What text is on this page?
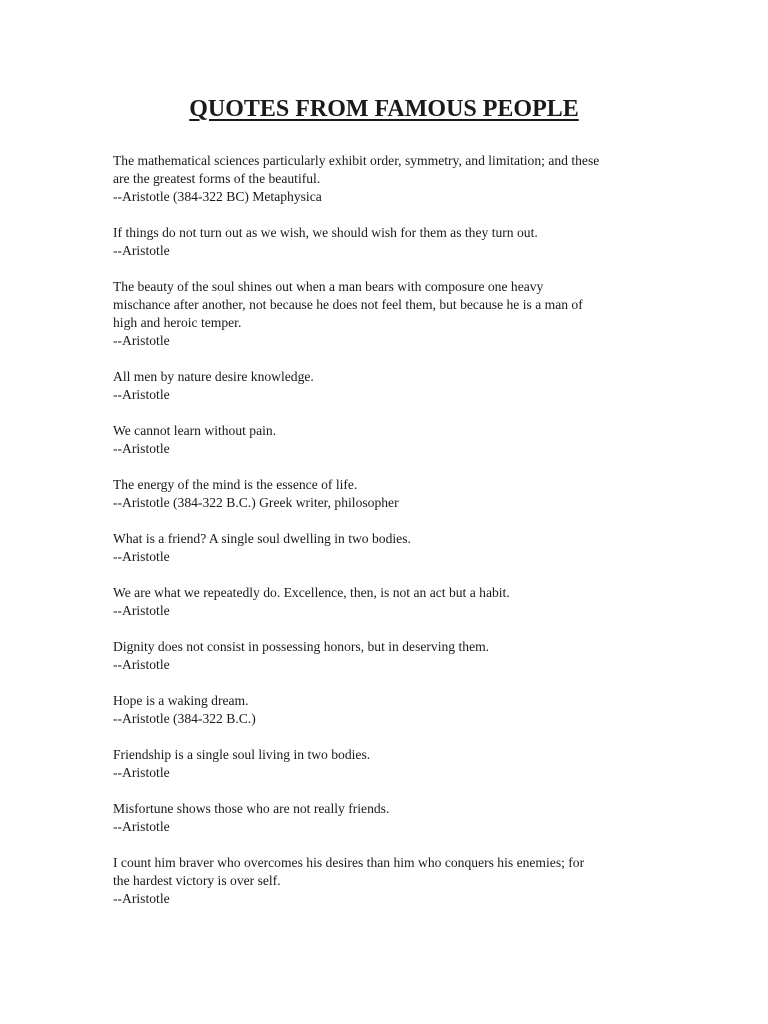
QUOTES FROM FAMOUS PEOPLE
The mathematical sciences particularly exhibit order, symmetry, and limitation; and these
are the greatest forms of the beautiful.
--Aristotle (384-322 BC) Metaphysica
If things do not turn out as we wish, we should wish for them as they turn out.
--Aristotle
The beauty of the soul shines out when a man bears with composure one heavy
mischance after another, not because he does not feel them, but because he is a man of
high and heroic temper.
--Aristotle
All men by nature desire knowledge.
--Aristotle
We cannot learn without pain.
--Aristotle
The energy of the mind is the essence of life.
--Aristotle (384-322 B.C.) Greek writer, philosopher
What is a friend? A single soul dwelling in two bodies.
--Aristotle
We are what we repeatedly do. Excellence, then, is not an act but a habit.
--Aristotle
Dignity does not consist in possessing honors, but in deserving them.
--Aristotle
Hope is a waking dream.
--Aristotle (384-322 B.C.)
Friendship is a single soul living in two bodies.
--Aristotle
Misfortune shows those who are not really friends.
--Aristotle
I count him braver who overcomes his desires than him who conquers his enemies; for
the hardest victory is over self.
--Aristotle
